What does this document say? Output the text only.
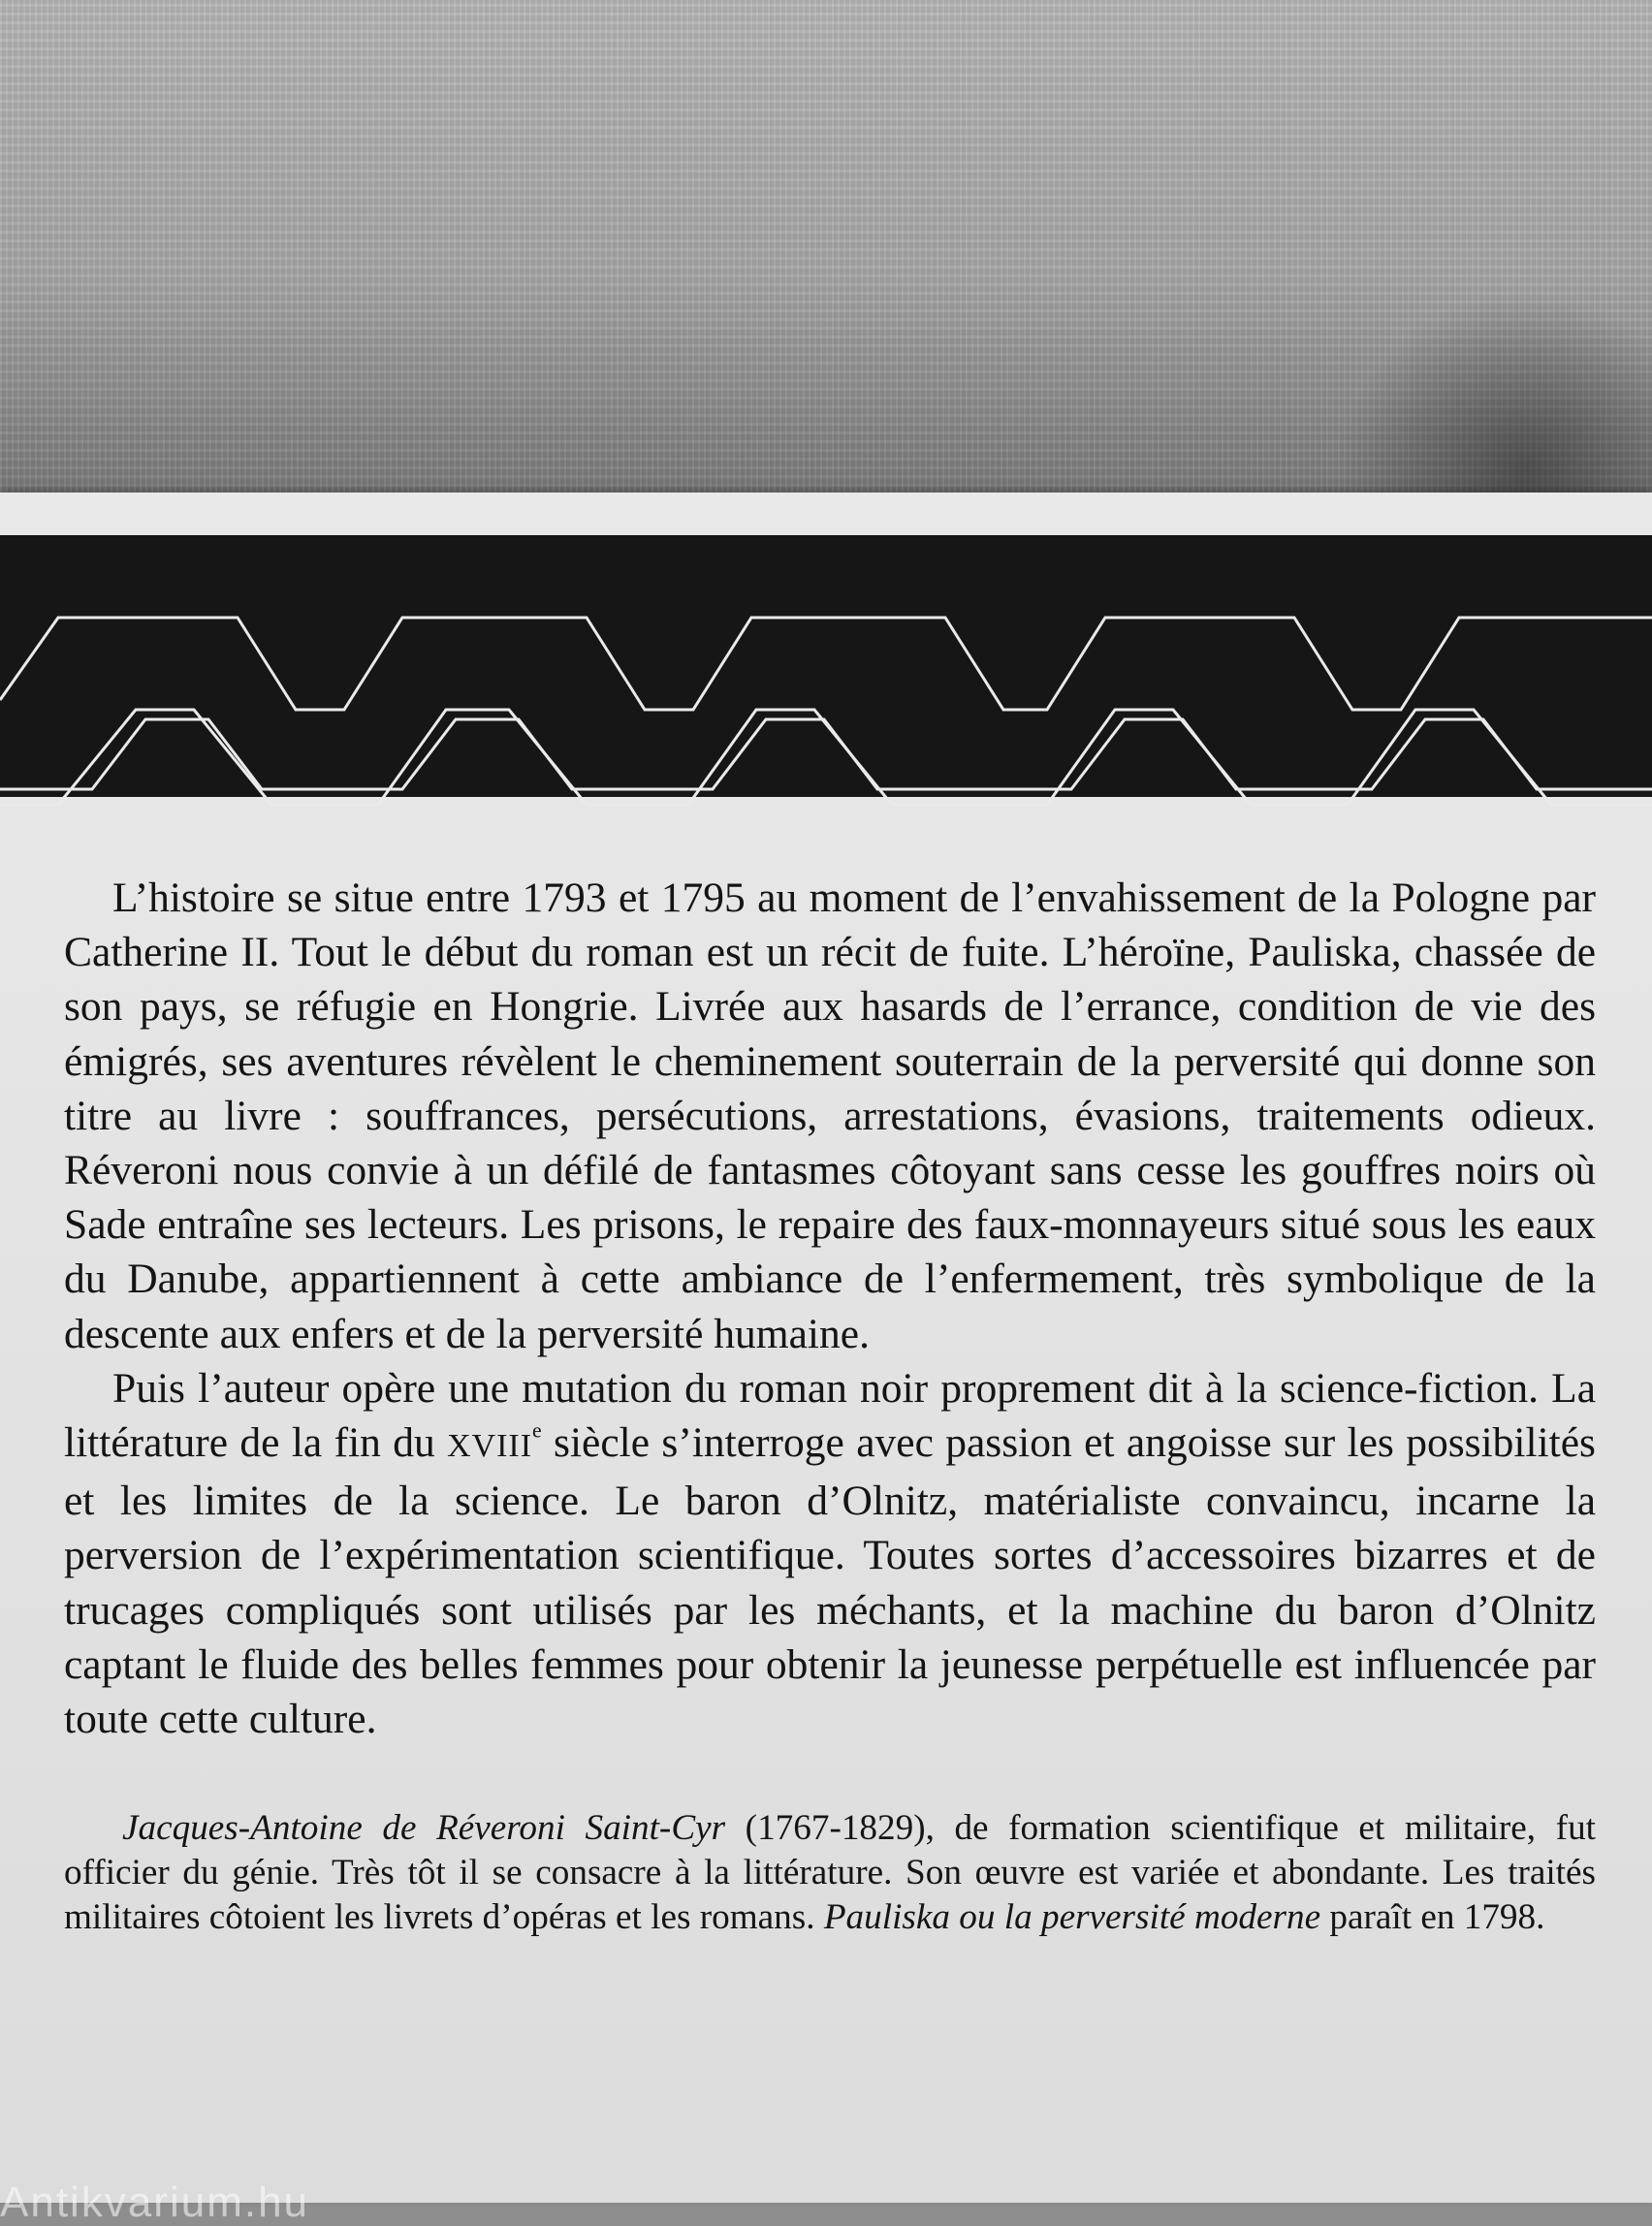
L’histoire se situe entre 1793 et 1795 au moment de l’envahissement de la Pologne par Catherine II. Tout le début du roman est un récit de fuite. L’héroïne, Pauliska, chassée de son pays, se réfugie en Hongrie. Livrée aux hasards de l’errance, condition de vie des émigrés, ses aventures révèlent le cheminement souterrain de la perversité qui donne son titre au livre : souffrances, persécutions, arrestations, évasions, traitements odieux. Réveroni nous convie à un défilé de fantasmes côtoyant sans cesse les gouffres noirs où Sade entraîne ses lecteurs. Les prisons, le repaire des faux-monnayeurs situé sous les eaux du Danube, appartiennent à cette ambiance de l’enfermement, très symbolique de la descente aux enfers et de la perversité humaine.

Puis l’auteur opère une mutation du roman noir proprement dit à la science-fiction. La littérature de la fin du XVIIIe siècle s’interroge avec passion et angoisse sur les possibilités et les limites de la science. Le baron d’Olnitz, matérialiste convaincu, incarne la perversion de l’expérimentation scientifique. Toutes sortes d’accessoires bizarres et de trucages compliqués sont utilisés par les méchants, et la machine du baron d’Olnitz captant le fluide des belles femmes pour obtenir la jeunesse perpétuelle est influencée par toute cette culture.

Jacques-Antoine de Réveroni Saint-Cyr (1767-1829), de formation scientifique et militaire, fut officier du génie. Très tôt il se consacre à la littérature. Son œuvre est variée et abondante. Les traités militaires côtoient les livrets d’opéras et les romans. Pauliska ou la perversité moderne paraît en 1798.

Antikvarium.hu
